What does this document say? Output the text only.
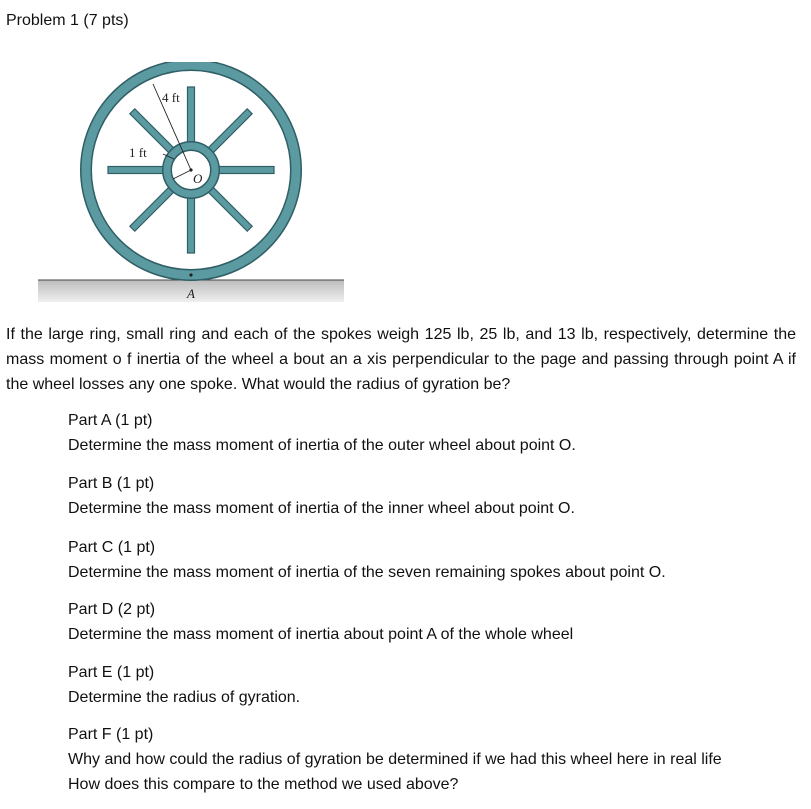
Problem 1 (7 pts)
4 ft
1 ft
O
A
If the large ring, small ring and each of the spokes weigh 125 lb, 25 lb, and 13 lb, respectively, determine the mass moment o f inertia of the wheel a bout an a xis perpendicular to the page and passing through point A if the wheel losses any one spoke. What would the radius of gyration be?
Part A (1 pt)
Determine the mass moment of inertia of the outer wheel about point O.
Part B (1 pt)
Determine the mass moment of inertia of the inner wheel about point O.
Part C (1 pt)
Determine the mass moment of inertia of the seven remaining spokes about point O.
Part D (2 pt)
Determine the mass moment of inertia about point A of the whole wheel
Part E (1 pt)
Determine the radius of gyration.
Part F (1 pt)
Why and how could the radius of gyration be determined if we had this wheel here in real life
How does this compare to the method we used above?
